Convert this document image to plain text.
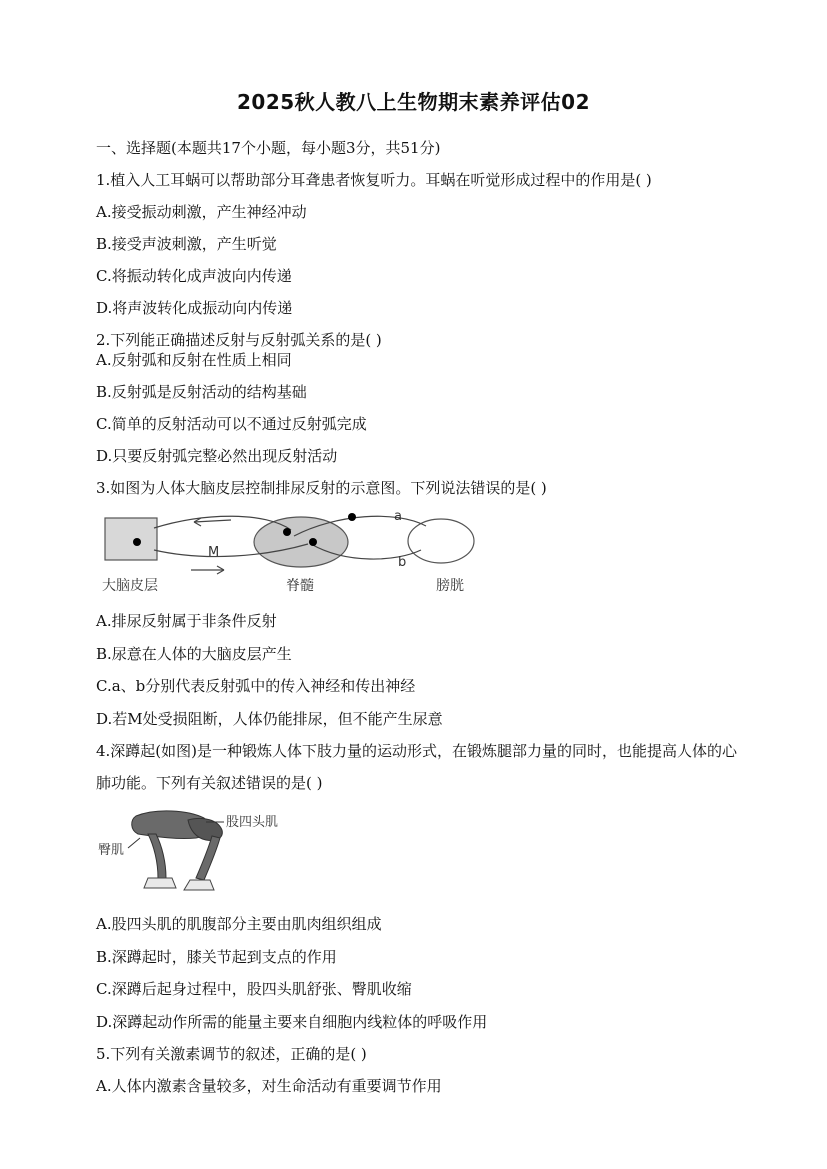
2025秋人教八上生物期末素养评估02
一、选择题(本题共17个小题，每小题3分，共51分)
1.植入人工耳蜗可以帮助部分耳聋患者恢复听力。耳蜗在听觉形成过程中的作用是( )
A.接受振动刺激，产生神经冲动
B.接受声波刺激，产生听觉
C.将振动转化成声波向内传递
D.将声波转化成振动向内传递
2.下列能正确描述反射与反射弧关系的是( )
A.反射弧和反射在性质上相同
B.反射弧是反射活动的结构基础
C.简单的反射活动可以不通过反射弧完成
D.只要反射弧完整必然出现反射活动
3.如图为人体大脑皮层控制排尿反射的示意图。下列说法错误的是( )
a
b
M
大脑皮层	脊髓	膀胱
A.排尿反射属于非条件反射
B.尿意在人体的大脑皮层产生
C.a、b分别代表反射弧中的传入神经和传出神经
D.若M处受损阻断，人体仍能排尿，但不能产生尿意
4.深蹲起(如图)是一种锻炼人体下肢力量的运动形式，在锻炼腿部力量的同时，也能提高人体的心肺功能。下列有关叙述错误的是( )
股四头肌
臀肌
A.股四头肌的肌腹部分主要由肌肉组织组成
B.深蹲起时，膝关节起到支点的作用
C.深蹲后起身过程中，股四头肌舒张、臀肌收缩
D.深蹲起动作所需的能量主要来自细胞内线粒体的呼吸作用
5.下列有关激素调节的叙述，正确的是( )
A.人体内激素含量较多，对生命活动有重要调节作用
